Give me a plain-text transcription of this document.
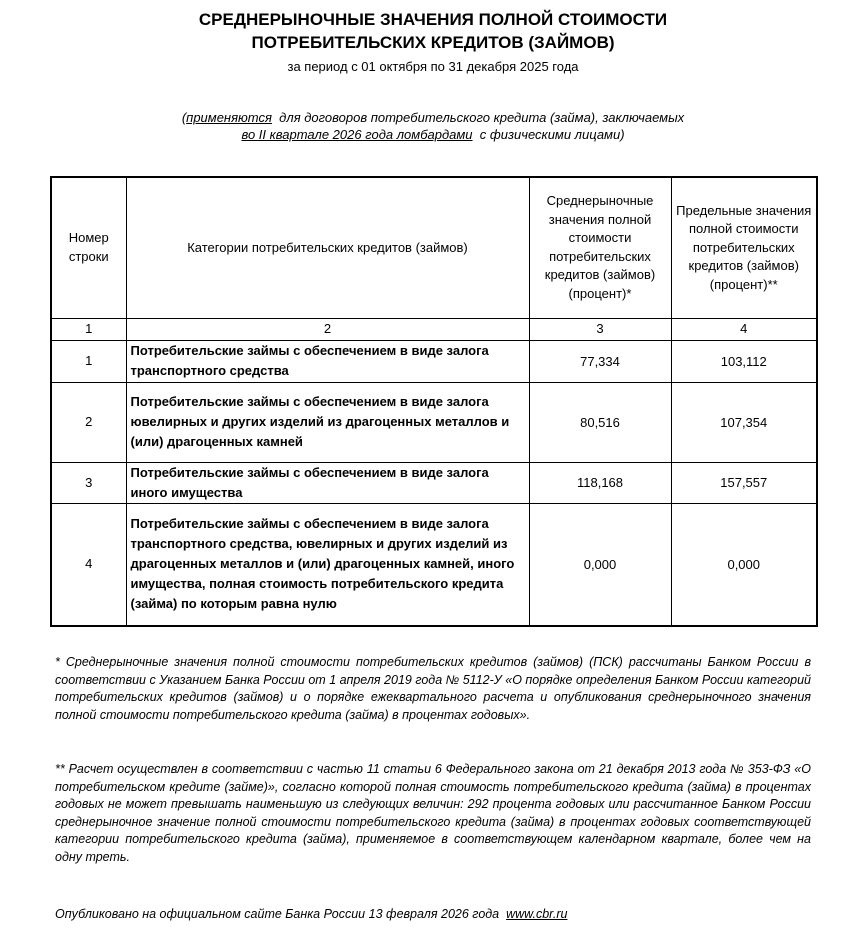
СРЕДНЕРЫНОЧНЫЕ ЗНАЧЕНИЯ ПОЛНОЙ СТОИМОСТИ
ПОТРЕБИТЕЛЬСКИХ КРЕДИТОВ (ЗАЙМОВ)
за период с 01 октября по 31 декабря 2025 года
(применяются для договоров потребительского кредита (займа), заключаемых
во II квартале 2026 года ломбардами с физическими лицами)
Номер строки	Категории потребительских кредитов (займов)	Среднерыночные значения полной стоимости потребительских кредитов (займов) (процент)*	Предельные значения полной стоимости потребительских кредитов (займов) (процент)**
1	2	3	4
1	Потребительские займы с обеспечением в виде залога транспортного средства	77,334	103,112
2	Потребительские займы с обеспечением в виде залога ювелирных и других изделий из драгоценных металлов и (или) драгоценных камней	80,516	107,354
3	Потребительские займы с обеспечением в виде залога иного имущества	118,168	157,557
4	Потребительские займы с обеспечением в виде залога транспортного средства, ювелирных и других изделий из драгоценных металлов и (или) драгоценных камней, иного имущества, полная стоимость потребительского кредита (займа) по которым равна нулю	0,000	0,000
* Среднерыночные значения полной стоимости потребительских кредитов (займов) (ПСК) рассчитаны Банком России в соответствии с Указанием Банка России от 1 апреля 2019 года № 5112-У «О порядке определения Банком России категорий потребительских кредитов (займов) и о порядке ежеквартального расчета и опубликования среднерыночного значения полной стоимости потребительского кредита (займа) в процентах годовых».
** Расчет осуществлен в соответствии с частью 11 статьи 6 Федерального закона от 21 декабря 2013 года № 353-ФЗ «О потребительском кредите (займе)», согласно которой полная стоимость потребительского кредита (займа) в процентах годовых не может превышать наименьшую из следующих величин: 292 процента годовых или рассчитанное Банком России среднерыночное значение полной стоимости потребительского кредита (займа) в процентах годовых соответствующей категории потребительского кредита (займа), применяемое в соответствующем календарном квартале, более чем на одну треть.
Опубликовано на официальном сайте Банка России 13 февраля 2026 года www.cbr.ru
